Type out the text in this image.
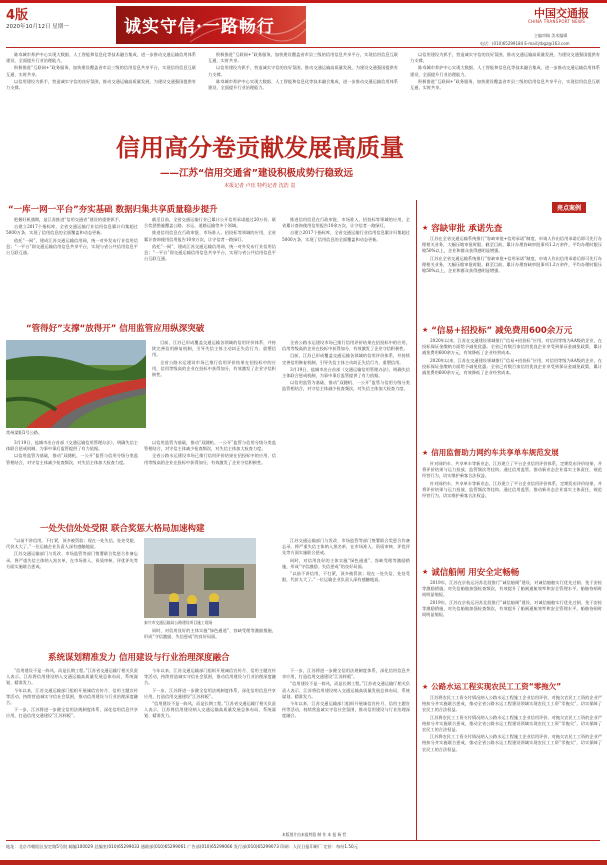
4版
2020年10月12日 星期一	诚实守信·一路畅行
中国交通报
CHINA TRANSPORT NEWS
主编审稿 美术编辑
电话：(010)65299184 E-mail:jtbgz@163.com

陈寿城市养护中心实现大数据、人工智能和信息化等技术融合集成，进一步推动交通运输信用体系建设，全面提升行业治理能力。

积极推进“互联网+”政务服务，加快建设覆盖省市县三级的信用信息共享平台，实现信用信息互联互通、实时共享。

以信用建设为抓手，营造诚实守信的良好氛围，推动交通运输高质量发展，为建设交通强国提供有力支撑。

积极推进“互联网+”政务服务，加快建设覆盖省市县三级的信用信息共享平台，实现信用信息互联互通、实时共享。

以信用建设为抓手，营造诚实守信的良好氛围，推动交通运输高质量发展，为建设交通强国提供有力支撑。

陈寿城市养护中心实现大数据、人工智能和信息化等技术融合集成，进一步推动交通运输信用体系建设，全面提升行业治理能力。

以信用建设为抓手，营造诚实守信的良好氛围，推动交通运输高质量发展，为建设交通强国提供有力支撑。

陈寿城市养护中心实现大数据、人工智能和信息化等技术融合集成，进一步推动交通运输信用体系建设，全面提升行业治理能力。

积极推进“互联网+”政务服务，加快建设覆盖省市县三级的信用信息共享平台，实现信用信息互联互通、实时共享。

信用高分卷贡献发展高质量
——江苏“信用交通省”建设积极成势行稳致远
本报记者 卢珏 特约记者 沈浩 袁
“一库一网一平台”夯实基础 数据归集共享质量稳步提升

把握好机遇期，是江苏推进“信用交通省”建设的重要抓手。

自建立2017个指标库，全省交通运输行业信用信息累计归集超过5000万条，实现了信用信息的全面覆盖和动态更新。

依托“一网”，建成江苏交通运输信用网，统一对外发布行业信用信息；“一平台”即交通运输信用信息共享平台，实现与省公共信用信息平台互联互通。

截至目前，全省交通运输行业已累计公开信用承诺超过20万份，联合奖惩措施覆盖公路、水运、道路运输等多个领域。

推进信用信息在行政审批、市场准入、招投标等领域的应用，全省累计查询使用信用报告10余万次，让守信者一路绿灯。

依托“一网”，建成江苏交通运输信用网，统一对外发布行业信用信息；“一平台”即交通运输信用信息共享平台，实现与省公共信用信息平台互联互通。

推进信用信息在行政审批、市场准入、招投标等领域的应用，全省累计查询使用信用报告10余万次，让守信者一路绿灯。

自建立2017个指标库，全省交通运输行业信用信息累计归集超过5000万条，实现了信用信息的全面覆盖和动态更新。

“管得好”支撑“放得开” 信用监管应用纵深突破
常州溧阳1号公路。

3月19日，盐城市出台首部《交通运输信用管理办法》，明确失信主体联合惩戒机制，为事中事后监管提供了有力依据。

以信用监管为基础，推动“双随机、一公开”监管与信用分级分类监管相结合，对守信主体减少检查频次，对失信主体加大检查力度。

以信用监管为基础，推动“双随机、一公开”监管与信用分级分类监管相结合，对守信主体减少检查频次，对失信主体加大检查力度。

全省公路水运建设市场已推行信用评价结果在招投标中的应用，信用等级高的企业在投标中获得加分，有效激发了企业守信积极性。

全省公路水运建设市场已推行信用评价结果在招投标中的应用，信用等级高的企业在投标中获得加分，有效激发了企业守信积极性。

目前，江苏已形成覆盖交通运输各领域的信用评价体系，并持续完善信用修复机制，引导失信主体主动纠正失信行为、重塑信用。

3月19日，盐城市出台首部《交通运输信用管理办法》，明确失信主体联合惩戒机制，为事中事后监管提供了有力依据。

以信用监管为基础，推动“双随机、一公开”监管与信用分级分类监管相结合，对守信主体减少检查频次，对失信主体加大检查力度。

目前，江苏已形成覆盖交通运输各领域的信用评价体系，并持续完善信用修复机制，引导失信主体主动纠正失信行为、重塑信用。

全省公路水运建设市场已推行信用评价结果在招投标中的应用，信用等级高的企业在投标中获得加分，有效激发了企业守信积极性。

一处失信处处受限 联合奖惩大格局加速构建

“以前不讲信用，不打紧，顶多被罚款；现在一处失信，处处受限，代价太大了。”一位运输企业负责人深有感触地说。

江苏交通运输部门与发改、市场监管等部门签署联合奖惩合作备忘录，将严重失信主体纳入黑名单，在市场准入、资质审核、评优评先等方面实施联合惩戒。

泰兴市交通运输局公路建设项目施工现场

同时，对信用良好的主体实施“绿色通道”、容缺受理等激励措施，形成“守信激励、失信惩戒”的良好局面。

江苏交通运输部门与发改、市场监管等部门签署联合奖惩合作备忘录，将严重失信主体纳入黑名单，在市场准入、资质审核、评优评先等方面实施联合惩戒。

同时，对信用良好的主体实施“绿色通道”、容缺受理等激励措施，形成“守信激励、失信惩戒”的良好局面。

“以前不讲信用，不打紧，顶多被罚款；现在一处失信，处处受限，代价太大了。”一位运输企业负责人深有感触地说。

系统谋划精准发力 信用建设与行业治理深度融合

“信用建设不是一阵风，而是长期工程。”江苏省交通运输厅相关负责人表示，江苏将信用建设纳入交通运输高质量发展总体布局，系统谋划、精准发力。

今年以来，江苏交通运输部门组织开展诚信宣传月、信用主题宣传等活动，持续营造诚实守信社会氛围，推动信用建设与行业治理深度融合。

下一步，江苏将进一步健全信用法规制度体系，深化信用信息共享应用，打造信用交通建设“江苏样板”。

今年以来，江苏交通运输部门组织开展诚信宣传月、信用主题宣传等活动，持续营造诚实守信社会氛围，推动信用建设与行业治理深度融合。

下一步，江苏将进一步健全信用法规制度体系，深化信用信息共享应用，打造信用交通建设“江苏样板”。

“信用建设不是一阵风，而是长期工程。”江苏省交通运输厅相关负责人表示，江苏将信用建设纳入交通运输高质量发展总体布局，系统谋划、精准发力。

下一步，江苏将进一步健全信用法规制度体系，深化信用信息共享应用，打造信用交通建设“江苏样板”。

“信用建设不是一阵风，而是长期工程。”江苏省交通运输厅相关负责人表示，江苏将信用建设纳入交通运输高质量发展总体布局，系统谋划、精准发力。

今年以来，江苏交通运输部门组织开展诚信宣传月、信用主题宣传等活动，持续营造诚实守信社会氛围，推动信用建设与行业治理深度融合。

本版图片由本报特派 制 作 本 报 杨 哲
亮点案例
★ 容缺审批 承诺先查

江苏在全省交通运输系统推行“容缺审批+信用承诺”制度，申请人作出信用承诺后即可先行办理相关业务，大幅压缩审批时限。截至目前，累计办理容缺审批事项1.2万余件，平均办理时限压缩50%以上，企业和群众获得感明显增强。

江苏在全省交通运输系统推行“容缺审批+信用承诺”制度，申请人作出信用承诺后即可先行办理相关业务，大幅压缩审批时限。截至目前，累计办理容缺审批事项1.2万余件，平均办理时限压缩50%以上，企业和群众获得感明显增强。

★ “信易+招投标” 减免费用600余万元

2020年以来，江苏在交通建设领域推行“信易+招投标”应用，对信用等级为AA级的企业，在投标保证金缴纳方面给予减免优惠。全省已有数百家信用优良企业享受到保证金减免政策，累计减免费用600余万元，有效降低了企业经营成本。

2020年以来，江苏在交通建设领域推行“信易+招投标”应用，对信用等级为AA级的企业，在投标保证金缴纳方面给予减免优惠。全省已有数百家信用优良企业享受到保证金减免政策，累计减免费用600余万元，有效降低了企业经营成本。

★ 信用监督助力网约车共享单车规范发展

针对网约车、共享单车等新业态，江苏建立了平台企业信用评价体系，定期发布评价结果，并将评价结果与运力投放、监管频次等挂钩。通过信用监管，推动新业态企业落实主体责任，规范经营行为，切实维护乘客合法权益。

针对网约车、共享单车等新业态，江苏建立了平台企业信用评价体系，定期发布评价结果，并将评价结果与运力投放、监管频次等挂钩。通过信用监管，推动新业态企业落实主体责任，规范经营行为，切实维护乘客合法权益。

★ 诚信船闸 用安全定畅畅

2019年，江苏在京杭运河苏北段推行“诚信船闸”建设，对诚信船舶实行优先过闸、免于安检等激励措施，对失信船舶加强检查频次，有效提升了船闸通航效率和安全管理水平，船舶待闸时间明显缩短。

2019年，江苏在京杭运河苏北段推行“诚信船闸”建设，对诚信船舶实行优先过闸、免于安检等激励措施，对失信船舶加强检查频次，有效提升了船闸通航效率和安全管理水平，船舶待闸时间明显缩短。

★ 公路水运工程实现农民工工资“零拖欠”

江苏将农民工工资支付情况纳入公路水运工程施工企业信用评价，对拖欠农民工工资的企业严格扣分并实施联合惩戒，推动全省公路水运工程建设领域实现农民工工资“零拖欠”，切实保障了农民工的合法权益。

江苏将农民工工资支付情况纳入公路水运工程施工企业信用评价，对拖欠农民工工资的企业严格扣分并实施联合惩戒，推动全省公路水运工程建设领域实现农民工工资“零拖欠”，切实保障了农民工的合法权益。

江苏将农民工工资支付情况纳入公路水运工程施工企业信用评价，对拖欠农民工工资的企业严格扣分并实施联合惩戒，推动全省公路水运工程建设领域实现农民工工资“零拖欠”，切实保障了农民工的合法权益。

地址：北京市朝阳区安定路5号院 邮编100029 总编室(010)65299033 通联部(010)65299061 广告部(010)65299066 发行部(010)65299073 印刷：人民日报印刷厂 定价：每份1.50元
